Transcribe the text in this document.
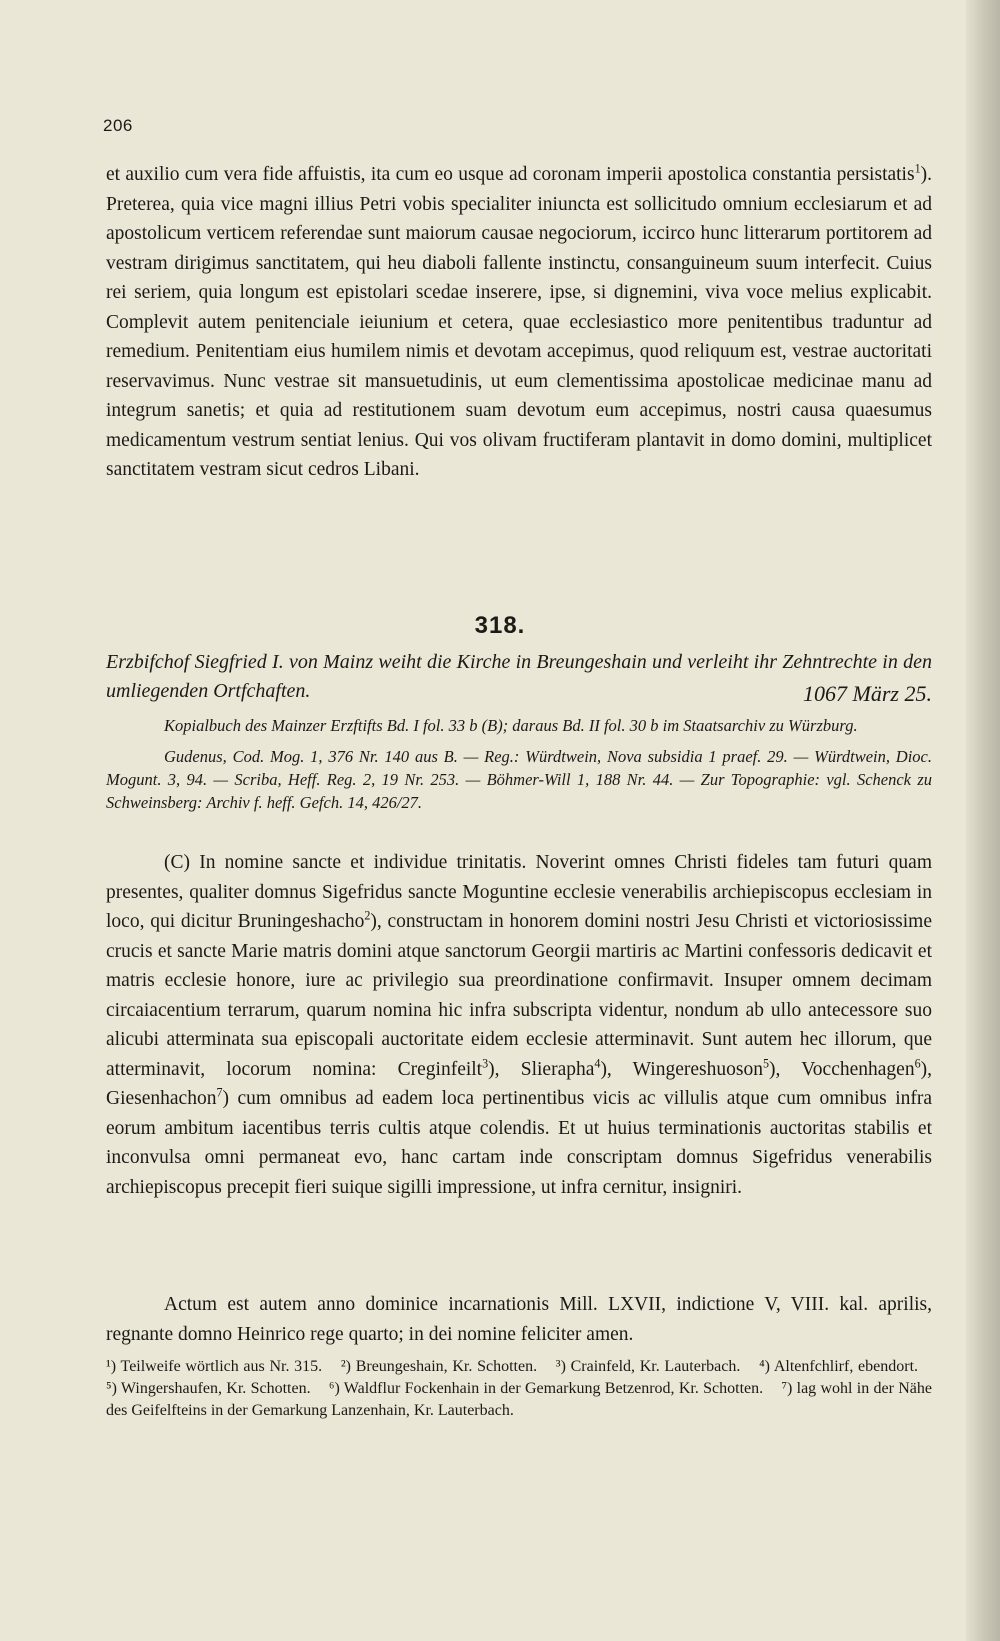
206

et auxilio cum vera fide affuistis, ita cum eo usque ad coronam imperii apostolica constantia persistatis$^1$). Preterea, quia vice magni illius Petri vobis specialiter iniuncta est sollicitudo omnium ecclesiarum et ad apostolicum verticem referendae sunt maiorum causae negociorum, iccirco hunc litterarum portitorem ad vestram dirigimus sanctitatem, qui heu diaboli fallente instinctu, consanguineum suum interfecit. Cuius rei seriem, quia longum est epistolari scedae inserere, ipse, si dignemini, viva voce melius explicabit. Complevit autem penitenciale ieiunium et cetera, quae ecclesiastico more penitentibus traduntur ad remedium. Penitentiam eius humilem nimis et devotam accepimus, quod reliquum est, vestrae auctoritati reservavimus. Nunc vestrae sit mansuetudinis, ut eum clementissima apostolicae medicinae manu ad integrum sanetis; et quia ad restitutionem suam devotum eum accepimus, nostri causa quaesumus medicamentum vestrum sentiat lenius. Qui vos olivam fructiferam plantavit in domo domini, multiplicet sanctitatem vestram sicut cedros Libani.

318.
Erzbifchof Siegfried I. von Mainz weiht die Kirche in Breungeshain und verleiht ihr Zehntrechte in den umliegenden Ortfchaften.	1067 März 25.

Kopialbuch des Mainzer Erzftifts Bd. I fol. 33 b (B); daraus Bd. II fol. 30 b im Staatsarchiv zu Würzburg.

Gudenus, Cod. Mog. 1, 376 Nr. 140 aus B. — Reg.: Würdtwein, Nova subsidia 1 praef. 29. — Würdtwein, Dioc. Mogunt. 3, 94. — Scriba, Heff. Reg. 2, 19 Nr. 253. — Böhmer-Will 1, 188 Nr. 44. — Zur Topographie: vgl. Schenck zu Schweinsberg: Archiv f. heff. Gefch. 14, 426/27.

(C) In nomine sancte et individue trinitatis. Noverint omnes Christi fideles tam futuri quam presentes, qualiter domnus Sigefridus sancte Moguntine ecclesie venerabilis archiepiscopus ecclesiam in loco, qui dicitur Bruningeshacho$^2$), constructam in honorem domini nostri Jesu Christi et victoriosissime crucis et sancte Marie matris domini atque sanctorum Georgii martiris ac Martini confessoris dedicavit et matris ecclesie honore, iure ac privilegio sua preordinatione confirmavit. Insuper omnem decimam circaiacentium terrarum, quarum nomina hic infra subscripta videntur, nondum ab ullo antecessore suo alicubi atterminata sua episcopali auctoritate eidem ecclesie atterminavit. Sunt autem hec illorum, que atterminavit, locorum nomina: Creginfeilt$^3$), Slieraphа$^4$), Wingereshuoson$^5$), Vocchenhagen$^6$), Giesenhachon$^7$) cum omnibus ad eadem loca pertinentibus vicis ac villulis atque cum omnibus infra eorum ambitum iacentibus terris cultis atque colendis. Et ut huius terminationis auctoritas stabilis et inconvulsa omni permaneat evo, hanc cartam inde conscriptam domnus Sigefridus venerabilis archiepiscopus precepit fieri suique sigilli impressione, ut infra cernitur, insigniri.

Actum est autem anno dominice incarnationis Mill. LXVII, indictione V, VIII. kal. aprilis, regnante domno Heinrico rege quarto; in dei nomine feliciter amen.

¹) Teilweife wörtlich aus Nr. 315. ²) Breungeshain, Kr. Schotten. ³) Crainfeld, Kr. Lauterbach. ⁴) Altenfchlirf, ebendort. ⁵) Wingershaufen, Kr. Schotten. ⁶) Waldflur Fockenhain in der Gemarkung Betzenrod, Kr. Schotten. ⁷) lag wohl in der Nähe des Geifelfteins in der Gemarkung Lanzenhain, Kr. Lauterbach.
